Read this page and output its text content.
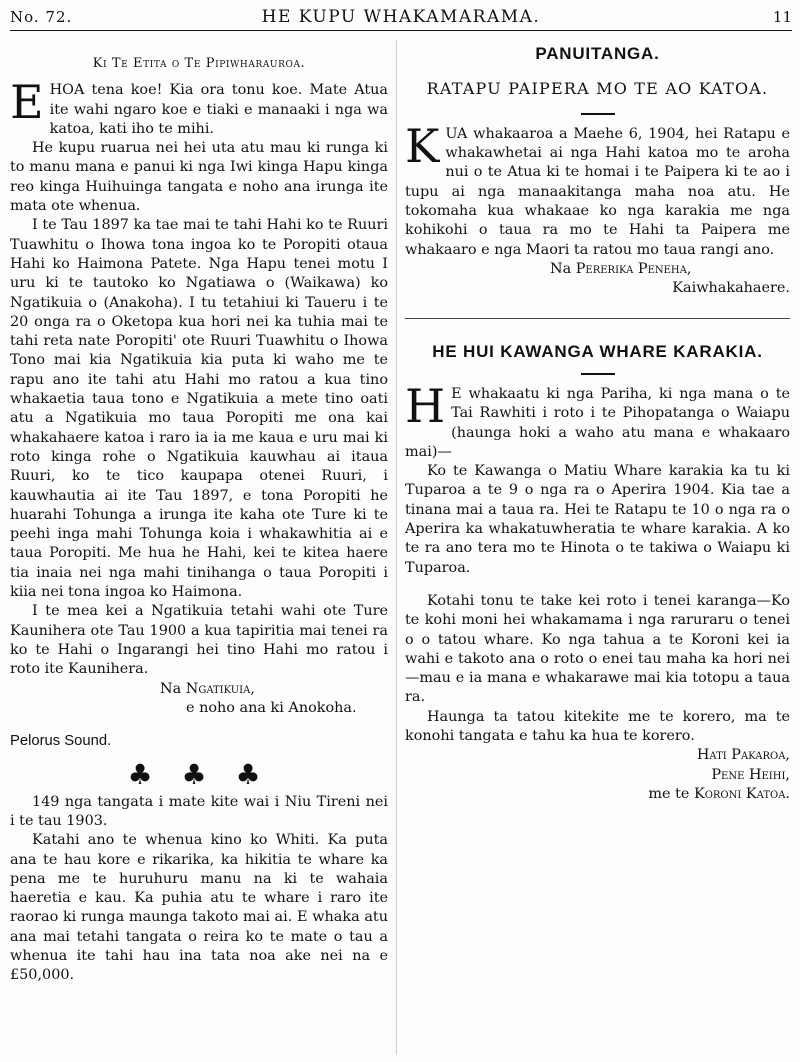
No. 72.	HE KUPU WHAKAMARAMA.	11
Ki Te Etita o Te Pipiwharauroa.

EHOA tena koe! Kia ora tonu koe. Mate Atua ite wahi ngaro koe e tiaki e manaaki i nga wa katoa, kati iho te mihi.

He kupu ruarua nei hei uta atu mau ki runga ki to manu mana e panui ki nga Iwi kinga Hapu kinga reo kinga Huihuinga tangata e noho ana irunga ite mata ote whenua.

I te Tau 1897 ka tae mai te tahi Hahi ko te Ruuri Tuawhitu o Ihowa tona ingoa ko te Poropiti otaua Hahi ko Haimona Patete. Nga Hapu tenei motu I uru ki te tautoko ko Ngatiawa o (Waikawa) ko Ngatikuia o (Anakoha). I tu tetahiui ki Taueru i te 20 onga ra o Oketopa kua hori nei ka tuhia mai te tahi reta nate Poropiti' ote Ruuri Tuawhitu o Ihowa Tono mai kia Ngatikuia kia puta ki waho me te rapu ano ite tahi atu Hahi mo ratou a kua tino whakaetia taua tono e Ngatikuia a mete tino oati atu a Ngatikuia mo taua Poropiti me ona kai whakahaere katoa i raro ia ia me kaua e uru mai ki roto kinga rohe o Ngatikuia kauwhau ai itaua Ruuri, ko te tico kaupapa otenei Ruuri, i kauwhautia ai ite Tau 1897, e tona Poropiti he huarahi Tohunga a irunga ite kaha ote Ture ki te peehi inga mahi Tohunga koia i whakawhitia ai e taua Poropiti. Me hua he Hahi, kei te kitea haere tia inaia nei nga mahi tinihanga o taua Poropiti i kiia nei tona ingoa ko Haimona.

I te mea kei a Ngatikuia tetahi wahi ote Ture Kaunihera ote Tau 1900 a kua tapiritia mai tenei ra ko te Hahi o Ingarangi hei tino Hahi mo ratou i roto ite Kaunihera.

Na Ngatikuia,
e noho ana ki Anokoha.
Pelorus Sound.
♣ ♣ ♣

149 nga tangata i mate kite wai i Niu Tireni nei i te tau 1903.

Katahi ano te whenua kino ko Whiti. Ka puta ana te hau kore e rikarika, ka hikitia te whare ka pena me te huruhuru manu na ki te wahaia haeretia e kau. Ka puhia atu te whare i raro ite raorao ki runga maunga takoto mai ai. E whaka atu ana mai tetahi tangata o reira ko te mate o tau a whenua ite tahi hau ina tata noa ake nei na e £50,000.

PANUITANGA.
RATAPU PAIPERA MO TE AO KATOA.

KUA whakaaroa a Maehe 6, 1904, hei Ratapu e whakawhetai ai nga Hahi katoa mo te aroha nui o te Atua ki te homai i te Paipera ki te ao i tupu ai nga manaakitanga maha noa atu. He tokomaha kua whakaae ko nga karakia me nga kohikohi o taua ra mo te Hahi ta Paipera me whakaaro e nga Maori ta ratou mo taua rangi ano.

Na Pererika Peneha,
Kaiwhakahaere.
HE HUI KAWANGA WHARE KARAKIA.

H E whakaatu ki nga Pariha, ki nga mana o te Tai Rawhiti i roto i te Pihopatanga o Waiapu (haunga hoki a waho atu mana e whakaaro mai)—

Ko te Kawanga o Matiu Whare karakia ka tu ki Tuparoa a te 9 o nga ra o Aperira 1904. Kia tae a tinana mai a taua ra. Hei te Ratapu te 10 o nga ra o Aperira ka whakatuwheratia te whare karakia. A ko te ra ano tera mo te Hinota o te takiwa o Waiapu ki Tuparoa.

Kotahi tonu te take kei roto i tenei karanga—Ko te kohi moni hei whakamama i nga raruraru o tenei o o tatou whare. Ko nga tahua a te Koroni kei ia wahi e takoto ana o roto o enei tau maha ka hori nei—mau e ia mana e whakarawe mai kia totopu a taua ra.

Haunga ta tatou kitekite me te korero, ma te konohi tangata e tahu ka hua te korero.

Hati Pakaroa,
Pene Heihi,
me te Koroni Katoa.
